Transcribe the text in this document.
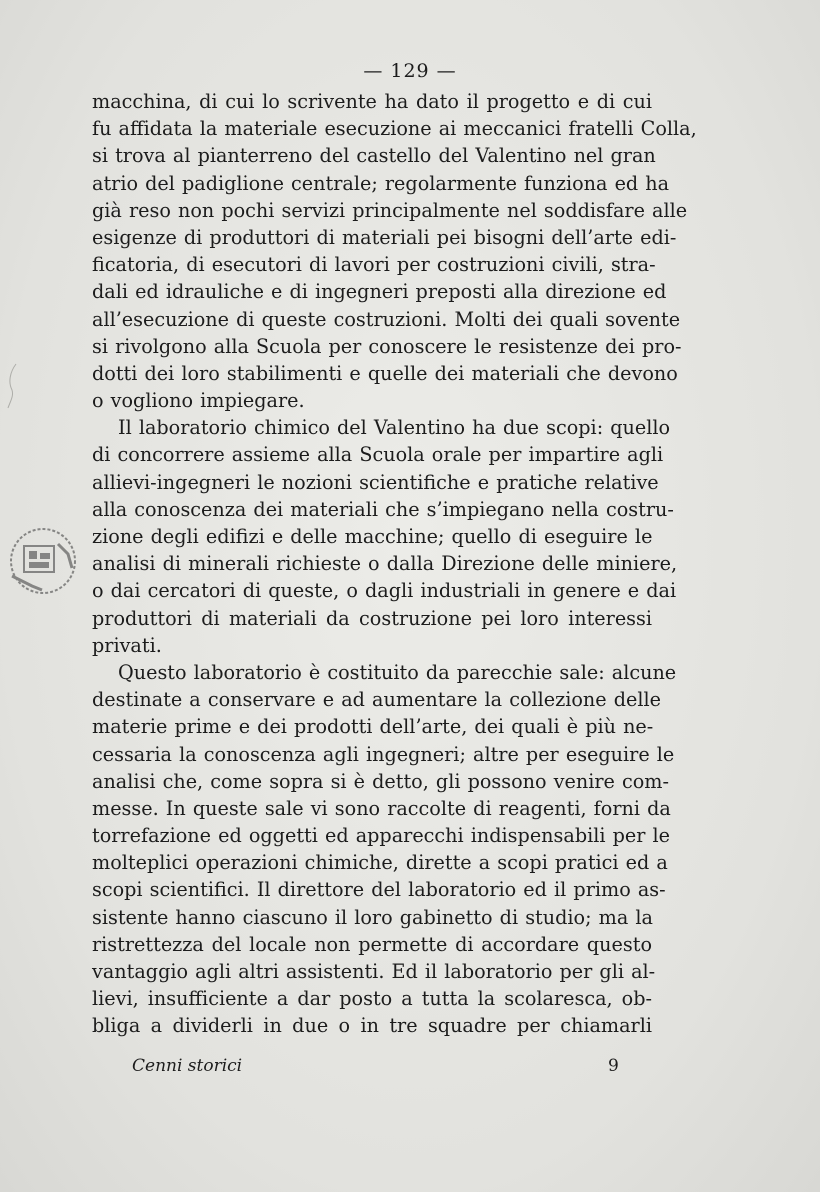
— 129 —

macchina, di cui lo scrivente ha dato il progetto e di cui
fu affidata la materiale esecuzione ai meccanici fratelli Colla,
si trova al pianterreno del castello del Valentino nel gran
atrio del padiglione centrale; regolarmente funziona ed ha
già reso non pochi servizi principalmente nel soddisfare alle
esigenze di produttori di materiali pei bisogni dell’arte edi-
ficatoria, di esecutori di lavori per costruzioni civili, stra-
dali ed idrauliche e di ingegneri preposti alla direzione ed
all’esecuzione di queste costruzioni. Molti dei quali sovente
si rivolgono alla Scuola per conoscere le resistenze dei pro-
dotti dei loro stabilimenti e quelle dei materiali che devono
o vogliono impiegare.

Il laboratorio chimico del Valentino ha due scopi: quello
di concorrere assieme alla Scuola orale per impartire agli
allievi-ingegneri le nozioni scientifiche e pratiche relative
alla conoscenza dei materiali che s’impiegano nella costru-
zione degli edifizi e delle macchine; quello di eseguire le
analisi di minerali richieste o dalla Direzione delle miniere,
o dai cercatori di queste, o dagli industriali in genere e dai
produttori di materiali da costruzione pei loro interessi
privati.

Questo laboratorio è costituito da parecchie sale: alcune
destinate a conservare e ad aumentare la collezione delle
materie prime e dei prodotti dell’arte, dei quali è più ne-
cessaria la conoscenza agli ingegneri; altre per eseguire le
analisi che, come sopra si è detto, gli possono venire com-
messe. In queste sale vi sono raccolte di reagenti, forni da
torrefazione ed oggetti ed apparecchi indispensabili per le
molteplici operazioni chimiche, dirette a scopi pratici ed a
scopi scientifici. Il direttore del laboratorio ed il primo as-
sistente hanno ciascuno il loro gabinetto di studio; ma la
ristrettezza del locale non permette di accordare questo
vantaggio agli altri assistenti. Ed il laboratorio per gli al-
lievi, insufficiente a dar posto a tutta la scolaresca, ob-
bliga a dividerli in due o in tre squadre per chiamarli

Cenni storici	9
